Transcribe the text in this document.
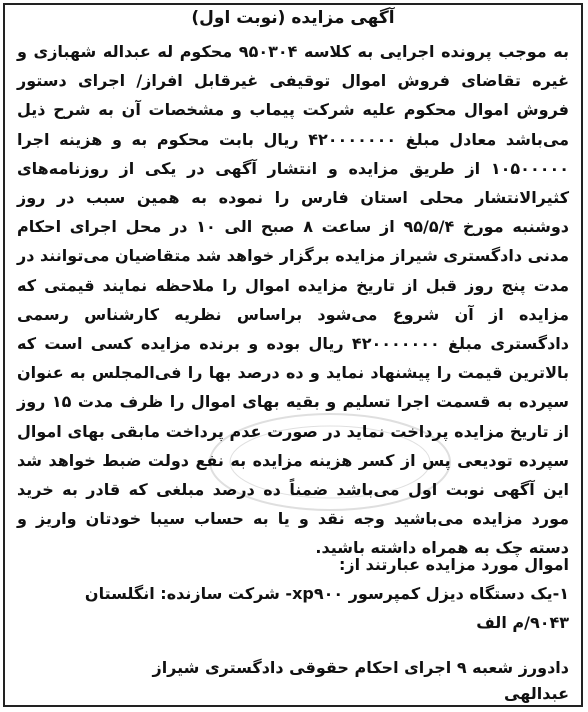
آگهی مزایده (نوبت اول)

به موجب پرونده اجرایی به کلاسه ۹۵۰۳۰۴ محکوم له عبداله شهبازی و غیره تقاضای فروش اموال توقیفی غیرقابل افراز/ اجرای دستور فروش اموال محکوم علیه شرکت پیماب و مشخصات آن به شرح ذیل می‌باشد معادل مبلغ ۴۲۰۰۰۰۰۰۰ ریال بابت محکوم به و هزینه اجرا ۱۰۵۰۰۰۰۰ از طریق مزایده و انتشار آگهی در یکی از روزنامه‌های کثیرالانتشار محلی استان فارس را نموده به همین سبب در روز دوشنبه مورخ ۹۵/۵/۴ از ساعت ۸ صبح الی ۱۰ در محل اجرای احکام مدنی دادگستری شیراز مزایده برگزار خواهد شد متقاضیان می‌توانند در مدت پنج روز قبل از تاریخ مزایده اموال را ملاحظه نمایند قیمتی که مزایده از آن شروع می‌شود براساس نظریه کارشناس رسمی دادگستری مبلغ ۴۲۰۰۰۰۰۰۰ ریال بوده و برنده مزایده کسی است که بالاترین قیمت را پیشنهاد نماید و ده درصد بها را فی‌المجلس به عنوان سپرده به قسمت اجرا تسلیم و بقیه بهای اموال را ظرف مدت ۱۵ روز از تاریخ مزایده پرداخت نماید در صورت عدم پرداخت مابقی بهای اموال سپرده تودیعی پس از کسر هزینه مزایده به نفع دولت ضبط خواهد شد این آگهی نوبت اول می‌باشد ضمناً ده درصد مبلغی که قادر به خرید مورد مزایده می‌باشید وجه نقد و یا به حساب سیبا خودتان واریز و دسته چک به همراه داشته باشید.

اموال مورد مزایده عبارتند از:
۱-یک دستگاه دیزل کمپرسور xp۹۰۰- شرکت سازنده: انگلستان
۹۰۴۳/م الف
دادورز شعبه ۹ اجرای احکام حقوقی دادگستری شیراز
عبدالهی
